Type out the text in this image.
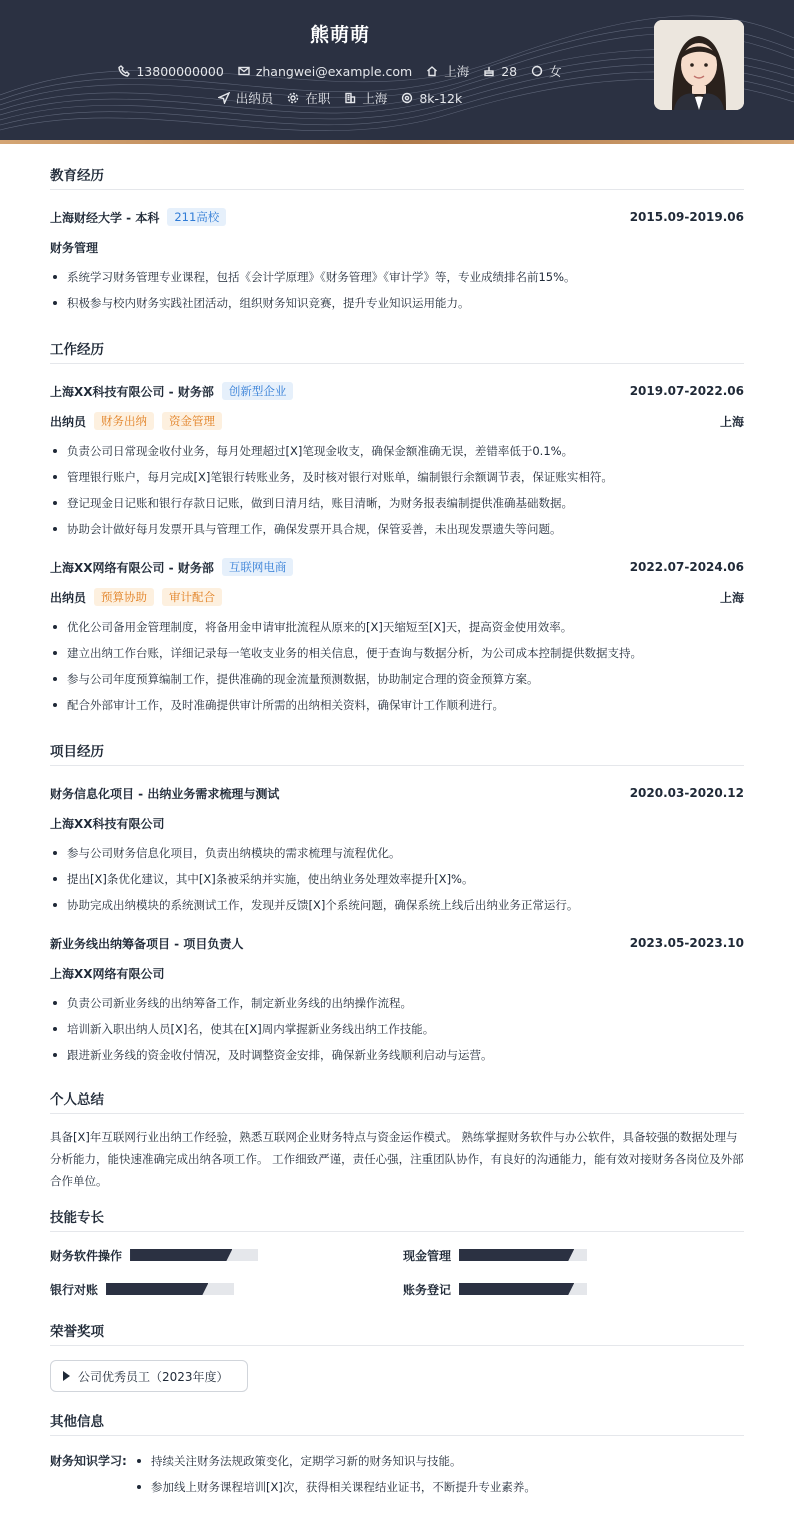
熊萌萌
13800000000	zhangwei@example.com	上海	28	女
出纳员	在职	上海	8k-12k
教育经历
上海财经大学 - 本科	211高校	2015.09-2019.06
财务管理
系统学习财务管理专业课程，包括《会计学原理》《财务管理》《审计学》等，专业成绩排名前15%。
积极参与校内财务实践社团活动，组织财务知识竞赛，提升专业知识运用能力。
工作经历
上海XX科技有限公司 - 财务部	创新型企业	2019.07-2022.06
出纳员	财务出纳	资金管理	上海
负责公司日常现金收付业务，每月处理超过[X]笔现金收支，确保金额准确无误，差错率低于0.1%。
管理银行账户，每月完成[X]笔银行转账业务，及时核对银行对账单，编制银行余额调节表，保证账实相符。
登记现金日记账和银行存款日记账，做到日清月结，账目清晰，为财务报表编制提供准确基础数据。
协助会计做好每月发票开具与管理工作，确保发票开具合规，保管妥善，未出现发票遗失等问题。
上海XX网络有限公司 - 财务部	互联网电商	2022.07-2024.06
出纳员	预算协助	审计配合	上海
优化公司备用金管理制度，将备用金申请审批流程从原来的[X]天缩短至[X]天，提高资金使用效率。
建立出纳工作台账，详细记录每一笔收支业务的相关信息，便于查询与数据分析，为公司成本控制提供数据支持。
参与公司年度预算编制工作，提供准确的现金流量预测数据，协助制定合理的资金预算方案。
配合外部审计工作，及时准确提供审计所需的出纳相关资料，确保审计工作顺利进行。
项目经历
财务信息化项目 - 出纳业务需求梳理与测试	2020.03-2020.12
上海XX科技有限公司
参与公司财务信息化项目，负责出纳模块的需求梳理与流程优化。
提出[X]条优化建议，其中[X]条被采纳并实施，使出纳业务处理效率提升[X]%。
协助完成出纳模块的系统测试工作，发现并反馈[X]个系统问题，确保系统上线后出纳业务正常运行。
新业务线出纳筹备项目 - 项目负责人	2023.05-2023.10
上海XX网络有限公司
负责公司新业务线的出纳筹备工作，制定新业务线的出纳操作流程。
培训新入职出纳人员[X]名，使其在[X]周内掌握新业务线出纳工作技能。
跟进新业务线的资金收付情况，及时调整资金安排，确保新业务线顺利启动与运营。
个人总结

具备[X]年互联网行业出纳工作经验，熟悉互联网企业财务特点与资金运作模式。 熟练掌握财务软件与办公软件，具备较强的数据处理与分析能力，能快速准确完成出纳各项工作。 工作细致严谨，责任心强，注重团队协作，有良好的沟通能力，能有效对接财务各岗位及外部合作单位。

技能专长
财务软件操作	现金管理
银行对账	账务登记
荣誉奖项
公司优秀员工（2023年度）
其他信息
财务知识学习:	持续关注财务法规政策变化，定期学习新的财务知识与技能。
参加线上财务课程培训[X]次，获得相关课程结业证书，不断提升专业素养。
